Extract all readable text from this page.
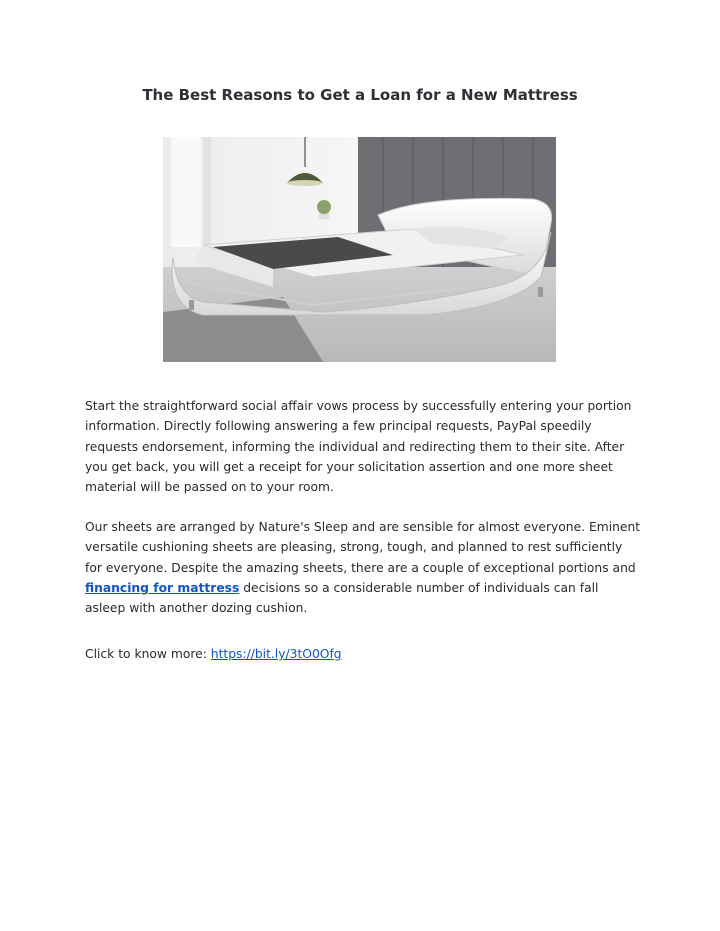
The Best Reasons to Get a Loan for a New Mattress

Start the straightforward social affair vows process by successfully entering your portion information. Directly following answering a few principal requests, PayPal speedily requests endorsement, informing the individual and redirecting them to their site. After you get back, you will get a receipt for your solicitation assertion and one more sheet material will be passed on to your room.

Our sheets are arranged by Nature's Sleep and are sensible for almost everyone. Eminent versatile cushioning sheets are pleasing, strong, tough, and planned to rest sufficiently for everyone. Despite the amazing sheets, there are a couple of exceptional portions and financing for mattress decisions so a considerable number of individuals can fall asleep with another dozing cushion.

Click to know more: https://bit.ly/3tO0Ofg
